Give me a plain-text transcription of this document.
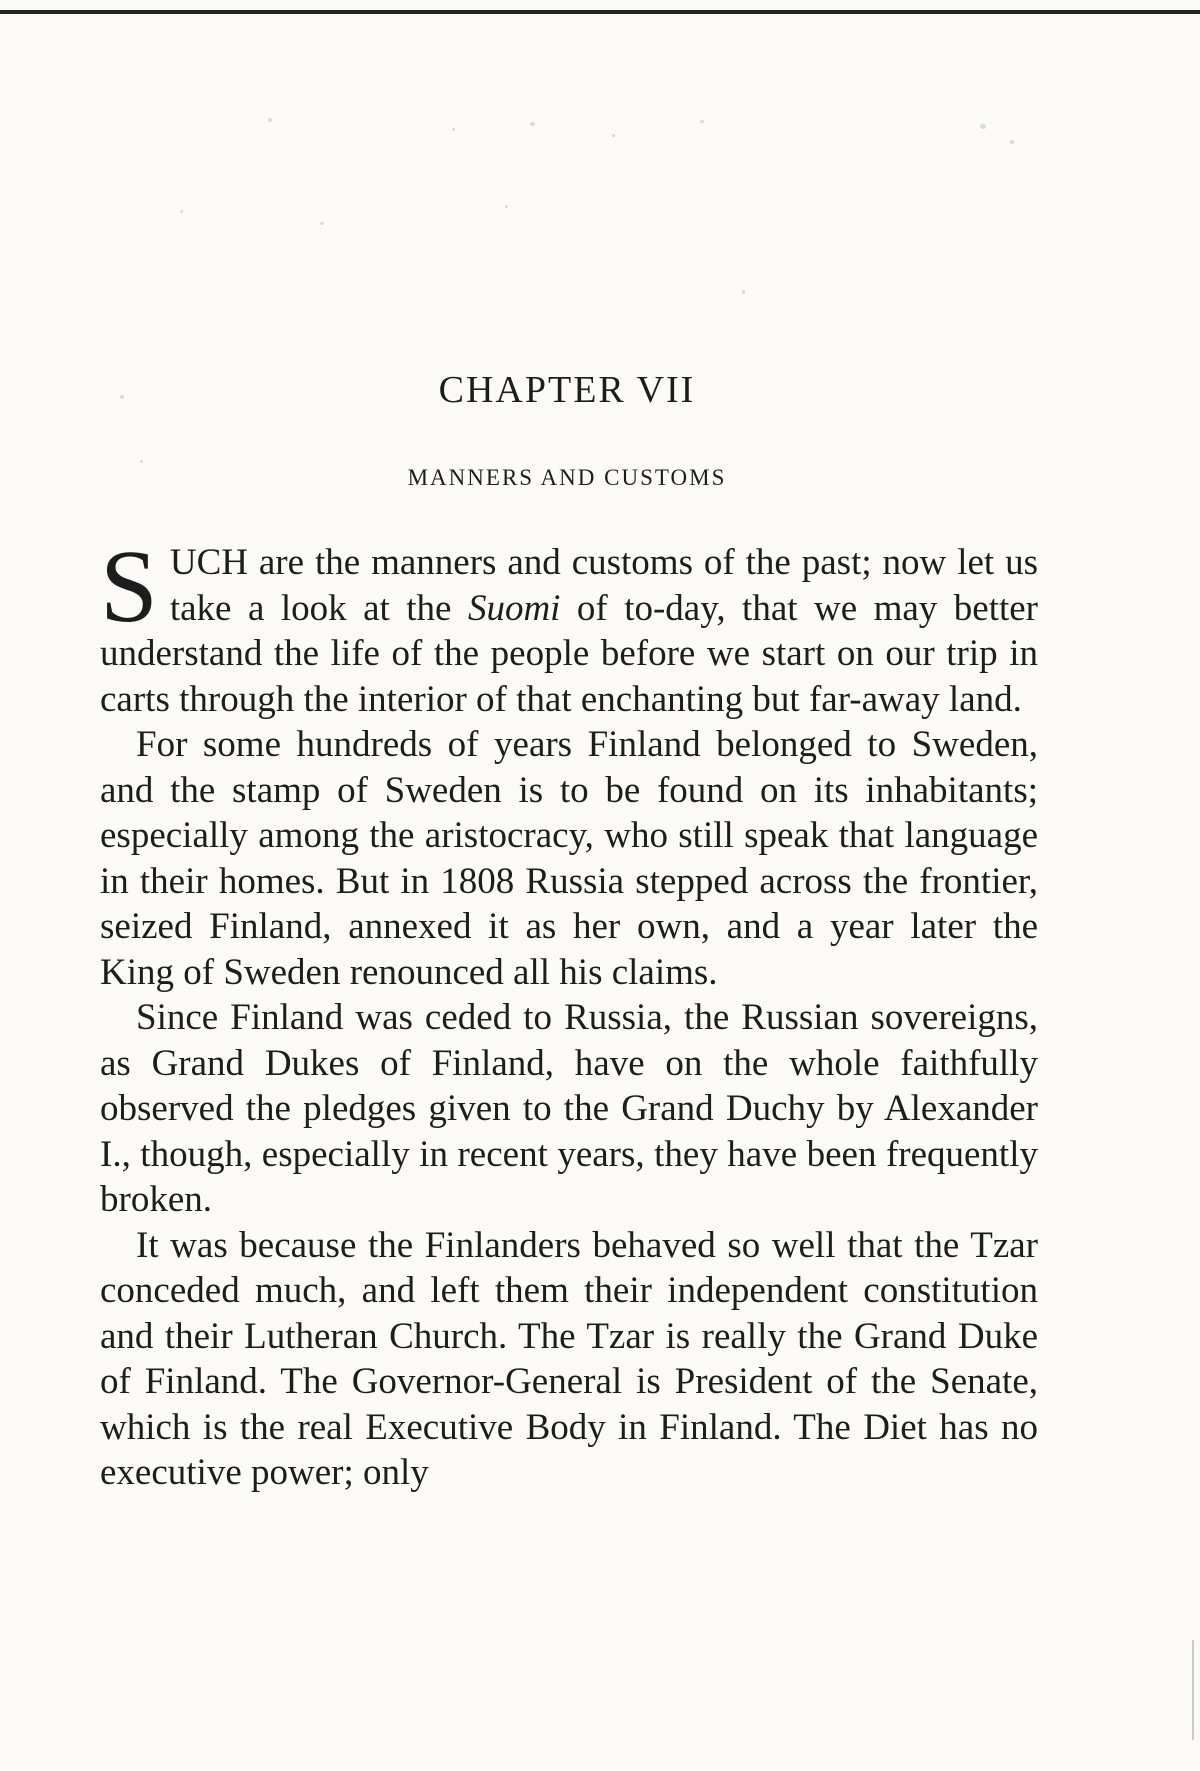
CHAPTER VII
MANNERS AND CUSTOMS

SUCH are the manners and customs of the past; now let us take a look at the Suomi of to-day, that we may better understand the life of the people before we start on our trip in carts through the interior of that enchanting but far-away land.

For some hundreds of years Finland belonged to Sweden, and the stamp of Sweden is to be found on its inhabitants; especially among the aristocracy, who still speak that language in their homes. But in 1808 Russia stepped across the frontier, seized Finland, annexed it as her own, and a year later the King of Sweden renounced all his claims.

Since Finland was ceded to Russia, the Russian sovereigns, as Grand Dukes of Finland, have on the whole faithfully observed the pledges given to the Grand Duchy by Alexander I., though, especially in recent years, they have been frequently broken.

It was because the Finlanders behaved so well that the Tzar conceded much, and left them their independent constitution and their Lutheran Church. The Tzar is really the Grand Duke of Finland. The Governor-General is President of the Senate, which is the real Executive Body in Finland. The Diet has no executive power; only
